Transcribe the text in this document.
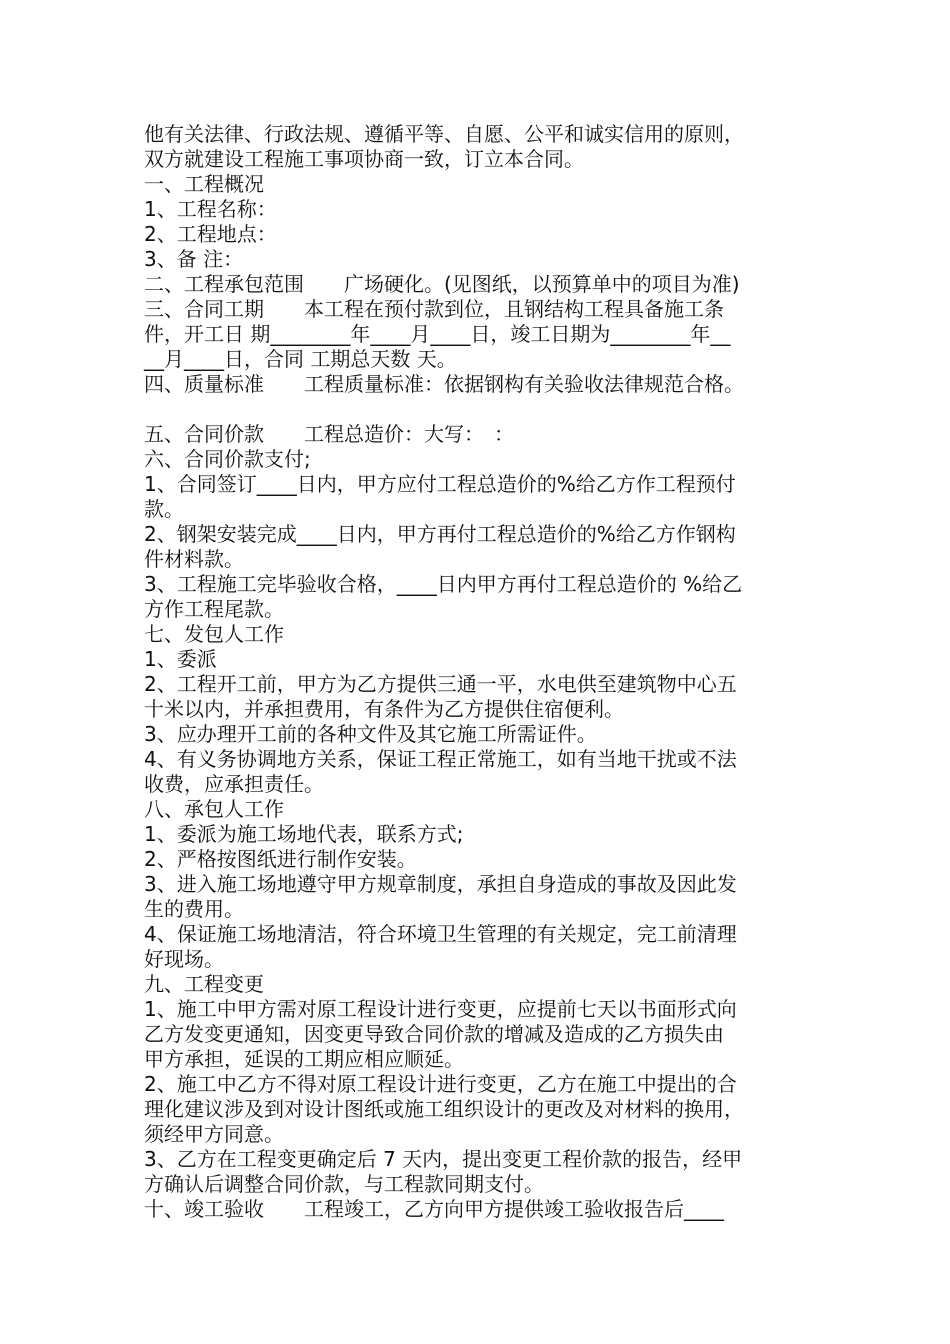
他有关法律、行政法规、遵循平等、自愿、公平和诚实信用的原则，
双方就建设工程施工事项协商一致，订立本合同。
一、工程概况
1、工程名称：
2、工程地点：
3、备 注：
二、工程承包范围　　广场硬化。(见图纸，以预算单中的项目为准)
三、合同工期　　本工程在预付款到位，且钢结构工程具备施工条
件，开工日 期________年____月____日，竣工日期为________年__
__月____日，合同 工期总天数 天。
四、质量标准　　工程质量标准：依据钢构有关验收法律规范合格。
五、合同价款　　工程总造价：大写：　：
六、合同价款支付;
1、合同签订____日内，甲方应付工程总造价的%给乙方作工程预付
款。
2、钢架安装完成____日内，甲方再付工程总造价的%给乙方作钢构
件材料款。
3、工程施工完毕验收合格，____日内甲方再付工程总造价的 %给乙
方作工程尾款。
七、发包人工作
1、委派
2、工程开工前，甲方为乙方提供三通一平，水电供至建筑物中心五
十米以内，并承担费用，有条件为乙方提供住宿便利。
3、应办理开工前的各种文件及其它施工所需证件。
4、有义务协调地方关系，保证工程正常施工，如有当地干扰或不法
收费，应承担责任。
八、承包人工作
1、委派为施工场地代表，联系方式;
2、严格按图纸进行制作安装。
3、进入施工场地遵守甲方规章制度，承担自身造成的事故及因此发
生的费用。
4、保证施工场地清洁，符合环境卫生管理的有关规定，完工前清理
好现场。
九、工程变更
1、施工中甲方需对原工程设计进行变更，应提前七天以书面形式向
乙方发变更通知，因变更导致合同价款的增减及造成的乙方损失由
甲方承担，延误的工期应相应顺延。
2、施工中乙方不得对原工程设计进行变更，乙方在施工中提出的合
理化建议涉及到对设计图纸或施工组织设计的更改及对材料的换用，
须经甲方同意。
3、乙方在工程变更确定后 7 天内，提出变更工程价款的报告，经甲
方确认后调整合同价款，与工程款同期支付。
十、竣工验收　　工程竣工，乙方向甲方提供竣工验收报告后____
